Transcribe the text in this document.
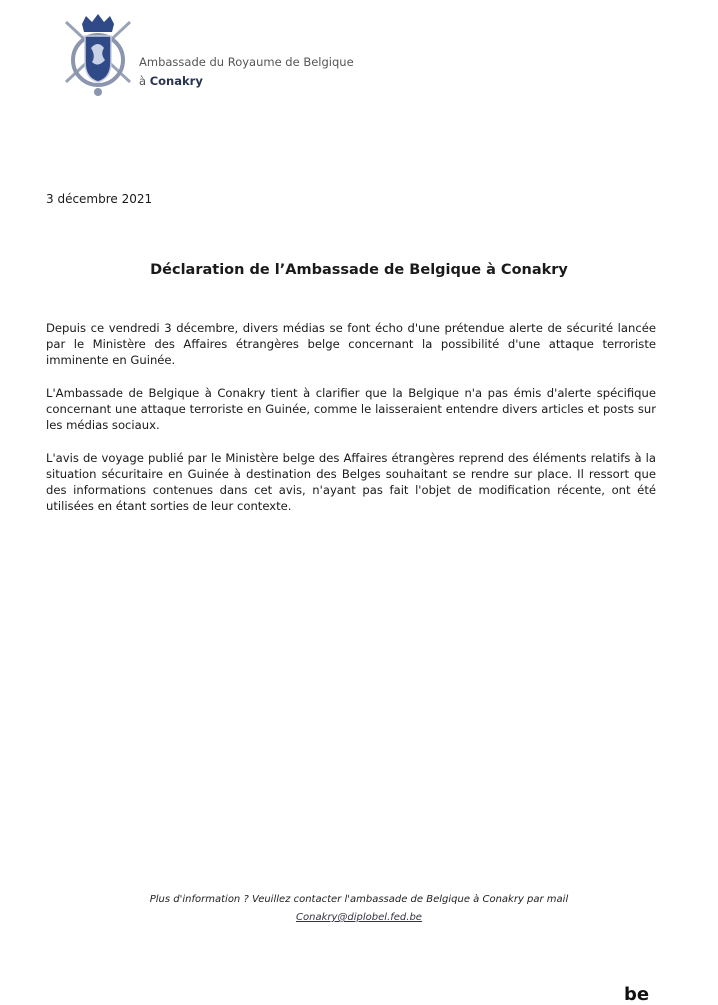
Ambassade du Royaume de Belgique
à Conakry
3 décembre 2021
Déclaration de l’Ambassade de Belgique à Conakry

Depuis ce vendredi 3 décembre, divers médias se font écho d'une prétendue alerte de sécurité lancée par le Ministère des Affaires étrangères belge concernant la possibilité d'une attaque terroriste imminente en Guinée.

L'Ambassade de Belgique à Conakry tient à clarifier que la Belgique n'a pas émis d'alerte spécifique concernant une attaque terroriste en Guinée, comme le laisseraient entendre divers articles et posts sur les médias sociaux.

L'avis de voyage publié par le Ministère belge des Affaires étrangères reprend des éléments relatifs à la situation sécuritaire en Guinée à destination des Belges souhaitant se rendre sur place. Il ressort que des informations contenues dans cet avis, n'ayant pas fait l'objet de modification récente, ont été utilisées en étant sorties de leur contexte.

Plus d'information ? Veuillez contacter l'ambassade de Belgique à Conakry par mail
Conakry@diplobel.fed.be
be
